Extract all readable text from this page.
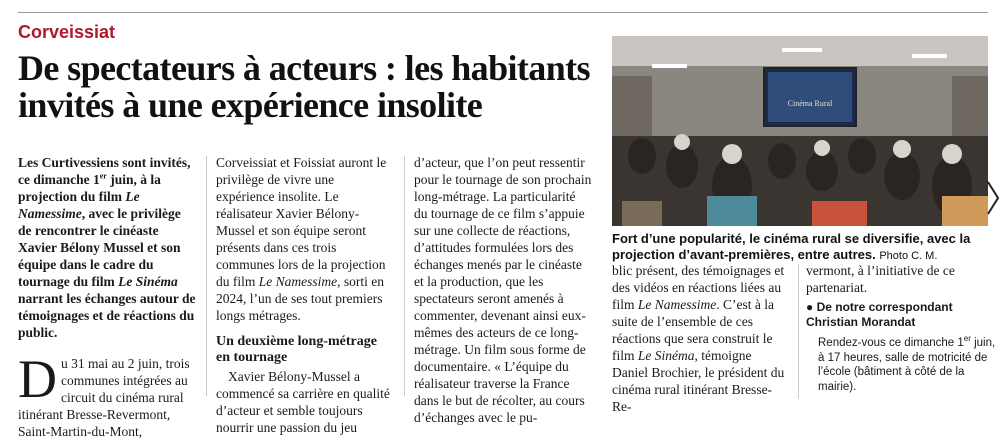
Corveissiat
De spectateurs à acteurs : les habitants invités à une expérience insolite

Les Curtivessiens sont invités, ce dimanche 1er juin, à la projection du film Le Namessime, avec le privilège de rencontrer le cinéaste Xavier Bélony Mussel et son équipe dans le cadre du tournage du film Le Sinéma narrant les échanges autour de témoignages et de réactions du public.

Du 31 mai au 2 juin, trois communes intégrées au circuit du cinéma rural itinérant Bresse-Revermont, Saint-Martin-du-Mont,

Corveissiat et Foissiat auront le privilège de vivre une expérience insolite. Le réalisateur Xavier Bélony-Mussel et son équipe seront présents dans ces trois communes lors de la projection du film Le Namessime, sorti en 2024, l’un de ses tout premiers longs métrages.

Un deuxième long-métrage en tournage

Xavier Bélony-Mussel a commencé sa carrière en qualité d’acteur et semble toujours nourrir une passion du jeu

d’acteur, que l’on peut ressentir pour le tournage de son prochain long-métrage. La particularité du tournage de ce film s’appuie sur une collecte de réactions, d’attitudes formulées lors des échanges menés par le cinéaste et la production, que les spectateurs seront amenés à commenter, devenant ainsi eux-mêmes des acteurs de ce long-métrage. Un film sous forme de documentaire. « L’équipe du réalisateur traverse la France dans le but de récolter, au cours d’échanges avec le pu-

Cinéma Rural
Fort d’une popularité, le cinéma rural se diversifie, avec la projection d’avant-premières, entre autres. Photo C. M.

blic présent, des témoignages et des vidéos en réactions liées au film Le Namessime. C’est à la suite de l’ensemble de ces réactions que sera construit le film Le Sinéma, témoigne Daniel Brochier, le président du cinéma rural itinérant Bresse-Re-

vermont, à l’initiative de ce partenariat.

● De notre correspondant

Christian Morandat

Rendez-vous ce dimanche 1er juin, à 17 heures, salle de motricité de l’école (bâtiment à côté de la mairie).
